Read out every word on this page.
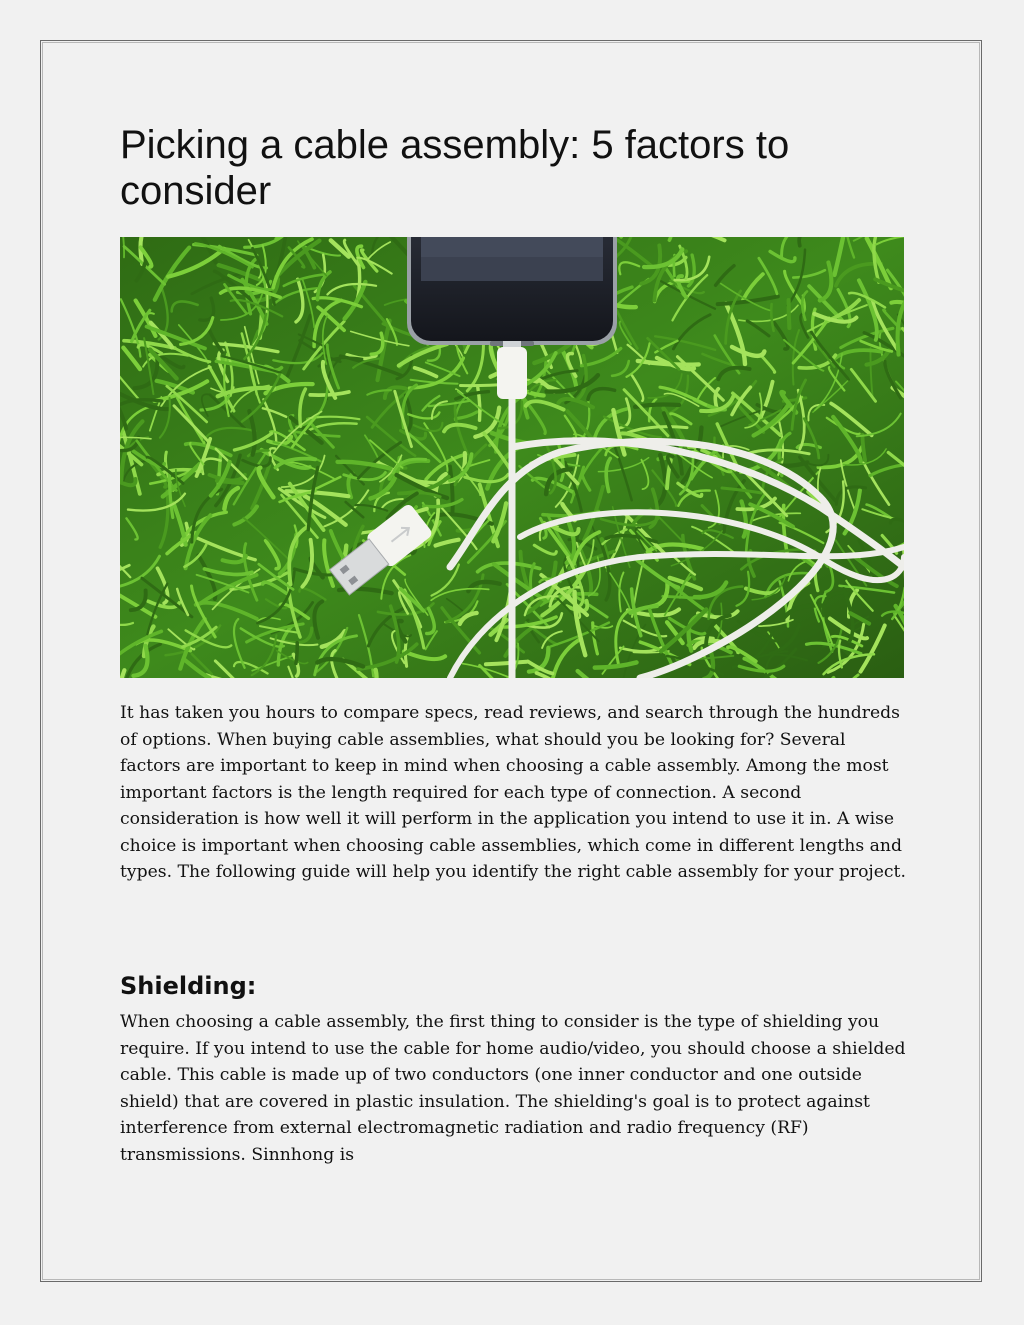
Picking a cable assembly: 5 factors to consider

It has taken you hours to compare specs, read reviews, and search through the hundreds of options. When buying cable assemblies, what should you be looking for? Several factors are important to keep in mind when choosing a cable assembly. Among the most important factors is the length required for each type of connection. A second consideration is how well it will perform in the application you intend to use it in. A wise choice is important when choosing cable assemblies, which come in different lengths and types. The following guide will help you identify the right cable assembly for your project.

Shielding:

When choosing a cable assembly, the first thing to consider is the type of shielding you require. If you intend to use the cable for home audio/video, you should choose a shielded cable. This cable is made up of two conductors (one inner conductor and one outside shield) that are covered in plastic insulation. The shielding's goal is to protect against interference from external electromagnetic radiation and radio frequency (RF) transmissions. Sinnhong is
